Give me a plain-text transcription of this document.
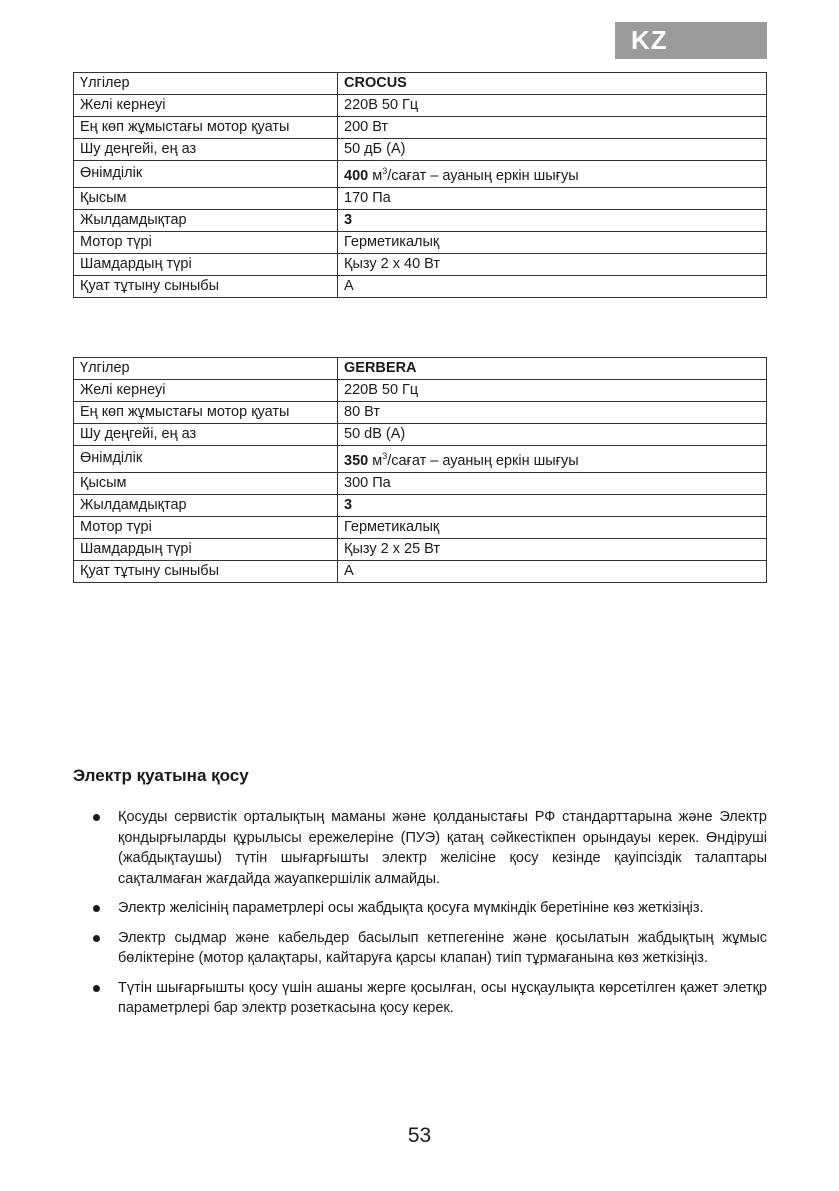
KZ
Үлгілер	CROCUS
Желі кернеуі	220В 50 Гц
Ең көп жұмыстағы мотор қуаты	200 Вт
Шу деңгейі, ең аз	50 дБ (А)
Өнімділік	400 $м^3$/сағат – ауаның еркін шығуы
Қысым	170 Па
Жылдамдықтар	3
Мотор түрі	Герметикалық
Шамдардың түрі	Қызу 2 х 40 Вт
Қуат тұтыну сыныбы	А
Үлгілер	GERBERA
Желі кернеуі	220В 50 Гц
Ең көп жұмыстағы мотор қуаты	80 Вт
Шу деңгейі, ең аз	50 dB (А)
Өнімділік	350 $м^3$/сағат – ауаның еркін шығуы
Қысым	300 Па
Жылдамдықтар	3
Мотор түрі	Герметикалық
Шамдардың түрі	Қызу 2 х 25 Вт
Қуат тұтыну сыныбы	А
Электр қуатына қосу
Қосуды сервистік орталықтың маманы және қолданыстағы РФ стандарттарына және Электр қондырғыларды құрылысы ережелеріне (ПУЭ) қатаң сәйкестікпен орындауы керек. Өндіруші (жабдықтаушы) түтін шығарғышты электр желісіне қосу кезінде қауіпсіздік талаптары сақталмаған жағдайда жауапкершілік алмайды.
Электр желісінің параметрлері осы жабдықта қосуға мүмкіндік беретініне көз жеткізіңіз.
Электр сыдмар және кабельдер басылып кетпегеніне және қосылатын жабдықтың жұмыс бөліктеріне (мотор қалақтары, кайтаруға қарсы клапан) тиіп тұрмағанына көз жеткізіңіз.
Түтін шығарғышты қосу үшін ашаны жерге қосылған, осы нұсқаулықта көрсетілген қажет элетқр параметрлері бар электр розеткасына қосу керек.
53
